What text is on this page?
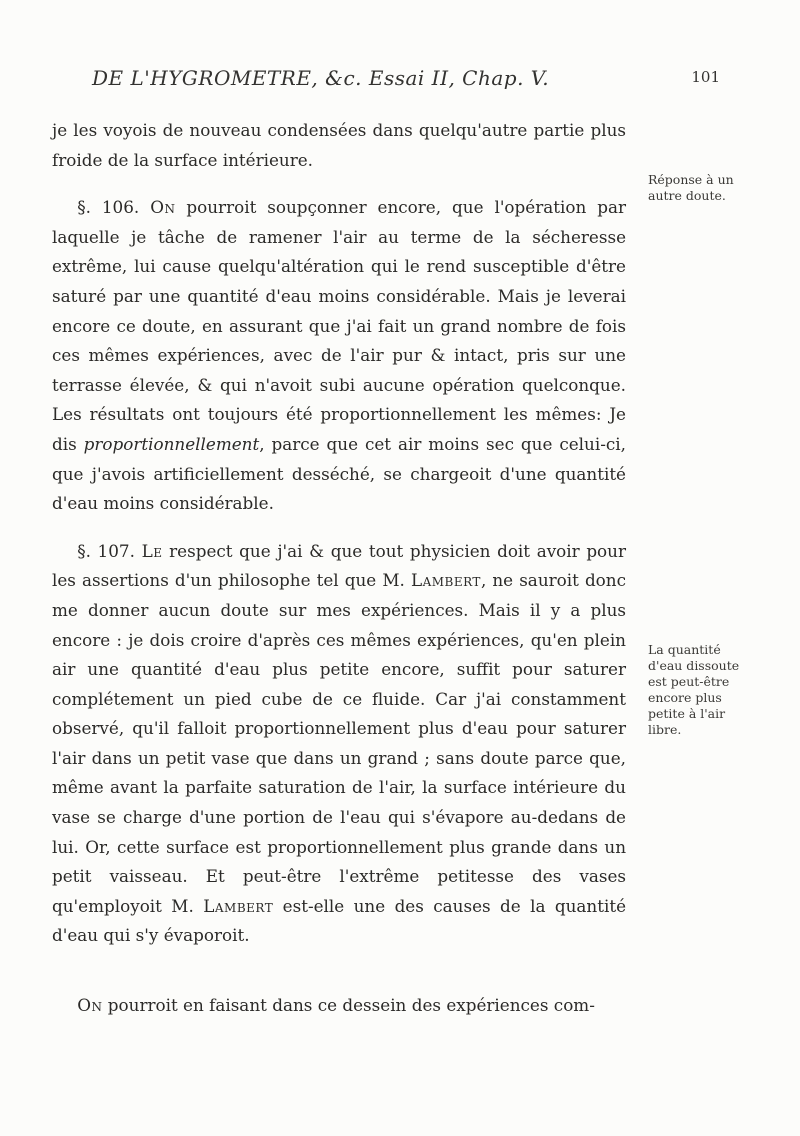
DE L'HYGROMETRE, &c. Essai II, Chap. V.	101

je les voyois de nouveau condensées dans quelqu'autre partie plus froide de la surface intérieure.

§. 106. On pourroit soupçonner encore, que l'opération par laquelle je tâche de ramener l'air au terme de la sécheresse extrême, lui cause quelqu'altération qui le rend susceptible d'être saturé par une quantité d'eau moins considérable. Mais je leverai encore ce doute, en assurant que j'ai fait un grand nombre de fois ces mêmes expériences, avec de l'air pur & intact, pris sur une terrasse élevée, & qui n'avoit subi aucune opération quelconque. Les résultats ont toujours été proportionnellement les mêmes: Je dis proportionnellement, parce que cet air moins sec que celui-ci, que j'avois artificiellement desséché, se chargeoit d'une quantité d'eau moins considérable.

§. 107. Le respect que j'ai & que tout physicien doit avoir pour les assertions d'un philosophe tel que M. Lambert, ne sauroit donc me donner aucun doute sur mes expériences. Mais il y a plus encore : je dois croire d'après ces mêmes expériences, qu'en plein air une quantité d'eau plus petite encore, suffit pour saturer complétement un pied cube de ce fluide. Car j'ai constamment observé, qu'il falloit proportionnellement plus d'eau pour saturer l'air dans un petit vase que dans un grand ; sans doute parce que, même avant la parfaite saturation de l'air, la surface intérieure du vase se charge d'une portion de l'eau qui s'évapore au-dedans de lui. Or, cette surface est proportionnellement plus grande dans un petit vaisseau. Et peut-être l'extrême petitesse des vases qu'employoit M. Lambert est-elle une des causes de la quantité d'eau qui s'y évaporoit.

On pourroit en faisant dans ce dessein des expériences com-

Réponse à un autre doute.
La quantité d'eau dissoute est peut-être encore plus petite à l'air libre.
